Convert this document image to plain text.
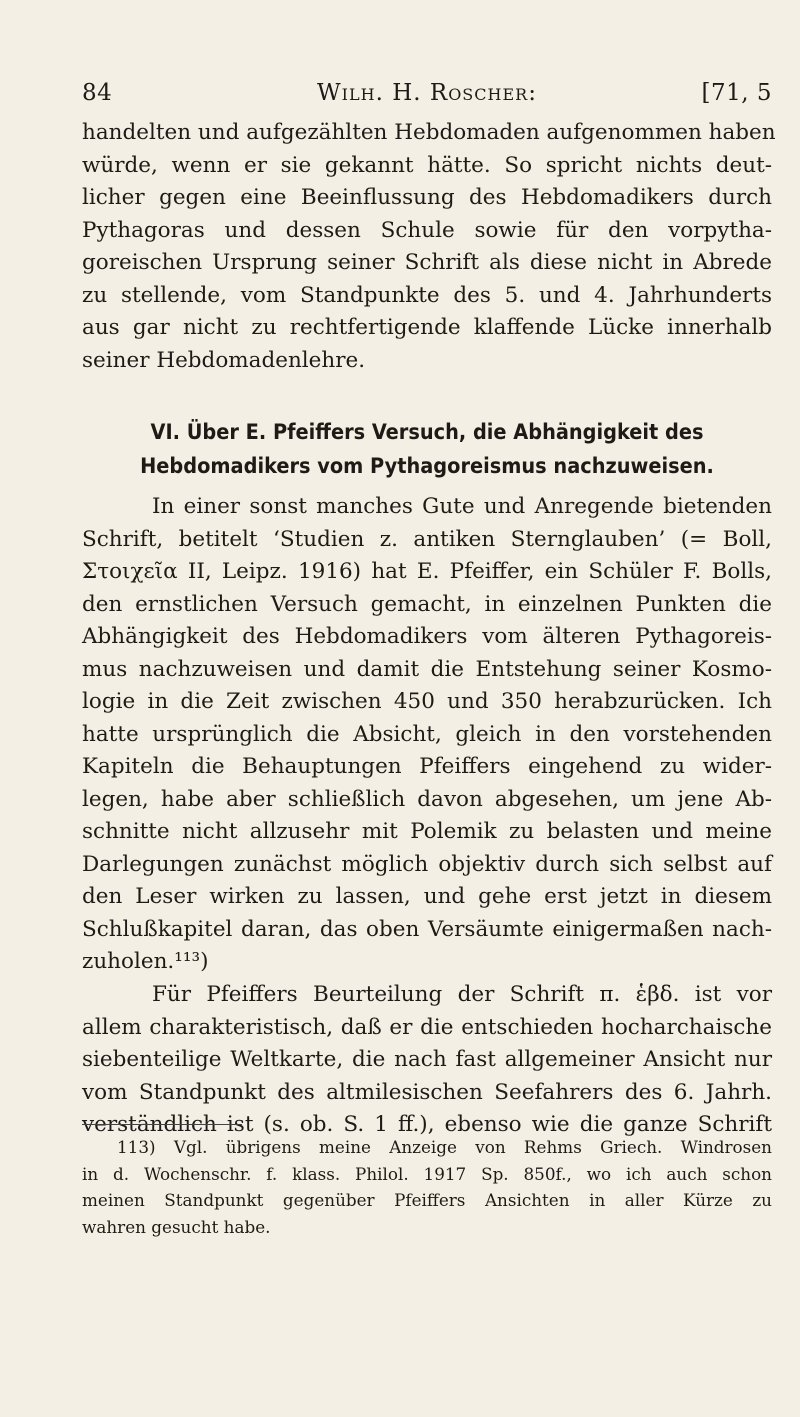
84	Wilh. H. Roscher:	[71, 5
handelten und aufgezählten Hebdomaden aufgenommen haben
würde, wenn er sie gekannt hätte. So spricht nichts deut-
licher gegen eine Beeinflussung des Hebdomadikers durch
Pythagoras und dessen Schule sowie für den vorpytha-
goreischen Ursprung seiner Schrift als diese nicht in Abrede
zu stellende, vom Standpunkte des 5. und 4. Jahrhunderts
aus gar nicht zu rechtfertigende klaffende Lücke innerhalb
seiner Hebdomadenlehre.
VI. Über E. Pfeiffers Versuch, die Abhängigkeit des
Hebdomadikers vom Pythagoreismus nachzuweisen.
In einer sonst manches Gute und Anregende bietenden
Schrift, betitelt ‘Studien z. antiken Sternglauben’ (= Boll,
Στοιχεῖα II, Leipz. 1916) hat E. Pfeiffer, ein Schüler F. Bolls,
den ernstlichen Versuch gemacht, in einzelnen Punkten die
Abhängigkeit des Hebdomadikers vom älteren Pythagoreis-
mus nachzuweisen und damit die Entstehung seiner Kosmo-
logie in die Zeit zwischen 450 und 350 herabzurücken. Ich
hatte ursprünglich die Absicht, gleich in den vorstehenden
Kapiteln die Behauptungen Pfeiffers eingehend zu wider-
legen, habe aber schließlich davon abgesehen, um jene Ab-
schnitte nicht allzusehr mit Polemik zu belasten und meine
Darlegungen zunächst möglich objektiv durch sich selbst auf
den Leser wirken zu lassen, und gehe erst jetzt in diesem
Schlußkapitel daran, das oben Versäumte einigermaßen nach-
zuholen.¹¹³)
Für Pfeiffers Beurteilung der Schrift π. ἑβδ. ist vor
allem charakteristisch, daß er die entschieden hocharchaische
siebenteilige Weltkarte, die nach fast allgemeiner Ansicht nur
vom Standpunkt des altmilesischen Seefahrers des 6. Jahrh.
verständlich ist (s. ob. S. 1 ff.), ebenso wie die ganze Schrift
113) Vgl. übrigens meine Anzeige von Rehms Griech. Windrosen
in d. Wochenschr. f. klass. Philol. 1917 Sp. 850f., wo ich auch schon
meinen Standpunkt gegenüber Pfeiffers Ansichten in aller Kürze zu
wahren gesucht habe.
